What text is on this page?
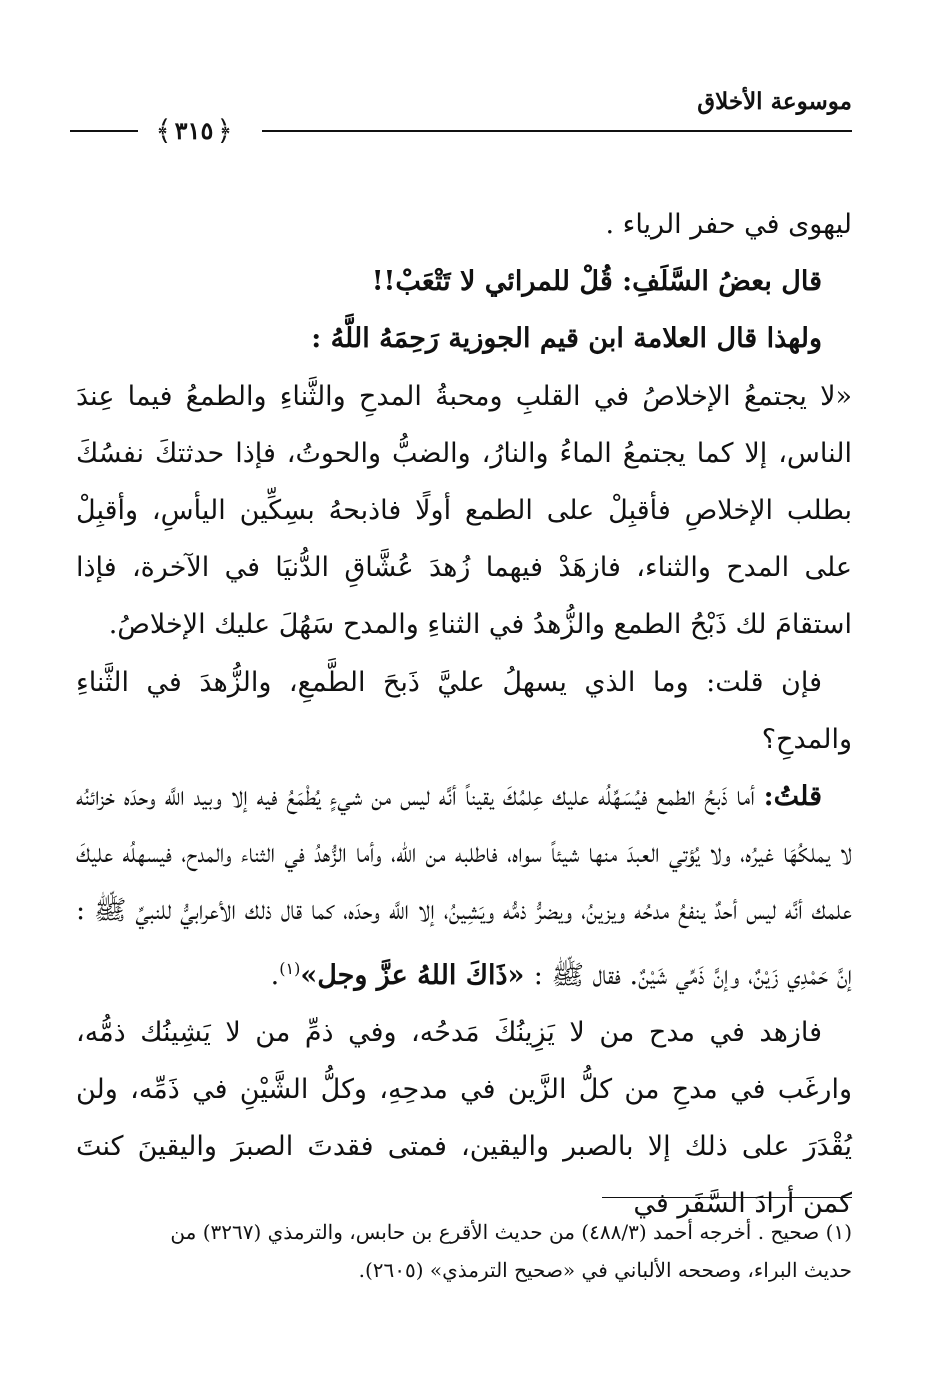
موسوعة الأخلاق
﴾ ٣١٥ ﴿

ليهوى في حفر الرياء .

قال بعضُ السَّلَفِ: قُلْ للمرائي لا تَتْعَبْ!!

ولهذا قال العلامة ابن قيم الجوزية رَحِمَهُ اللَّهُ :

«لا يجتمعُ الإخلاصُ في القلبِ ومحبةُ المدحِ والثَّناءِ والطمعُ فيما عِندَ الناس، إلا كما يجتمعُ الماءُ والنارُ، والضبُّ والحوتُ، فإذا حدثتكَ نفسُكَ بطلب الإخلاصِ فأقبِلْ على الطمع أولًا فاذبحهُ بسِكِّين اليأسِ، وأقبِلْ على المدح والثناء، فازهَدْ فيهما زُهدَ عُشَّاقِ الدُّنيَا في الآخرة، فإذا استقامَ لك ذَبْحُ الطمع والزُّهدُ في الثناءِ والمدح سَهُلَ عليك الإخلاصُ.

فإن قلت: وما الذي يسهلُ عليَّ ذَبحَ الطَّمعِ، والزُّهدَ في الثَّناءِ والمدحِ؟

قلتُ: أما ذَبحُ الطمع فيُسَهِّلُه عليك عِلمُكَ يقيناً أنَّه ليس من شيءٍ يُطْمَعُ فيه إلا وبيد اللَّه وحدَه خزائنُه لا يملكُهَا غيرُه، ولا يُؤتي العبدَ منها شيئاً سواه، فاطلبه من الله، وأما الزُّهدُ في الثناء والمدح، فيسهلُه عليكَ علمك أنَّه ليس أحدٌ ينفعُ مدحُه ويزينُ، ويضرُّ ذمُّه ويَشِينُ، إلا اللَّه وحدَه، كما قال ذلك الأعرابيُّ للنبيِّ ﷺ : إنَّ حَمْدِي زَيْنٌ، وإنَّ ذَمِّي شَيْنٌ. فقال ﷺ : «ذَاكَ اللهُ عزَّ وجل»$^{(١)}$.

فازهد في مدح من لا يَزِينُكَ مَدحُه، وفي ذمِّ من لا يَشِينُك ذمُّه، وارغَب في مدحِ من كلُّ الزَّين في مدحِهِ، وكلُّ الشَّيْنِ في ذَمِّه، ولن يُقْدَرَ على ذلك إلا بالصبر واليقين، فمتى فقدتَ الصبرَ واليقينَ كنتَ كمن أرادَ السَّفَر في

(١) صحيح . أخرجه أحمد (٤٨٨/٣) من حديث الأقرع بن حابس، والترمذي (٣٢٦٧) من

حديث البراء، وصححه الألباني في «صحيح الترمذي» (٢٦٠٥).
